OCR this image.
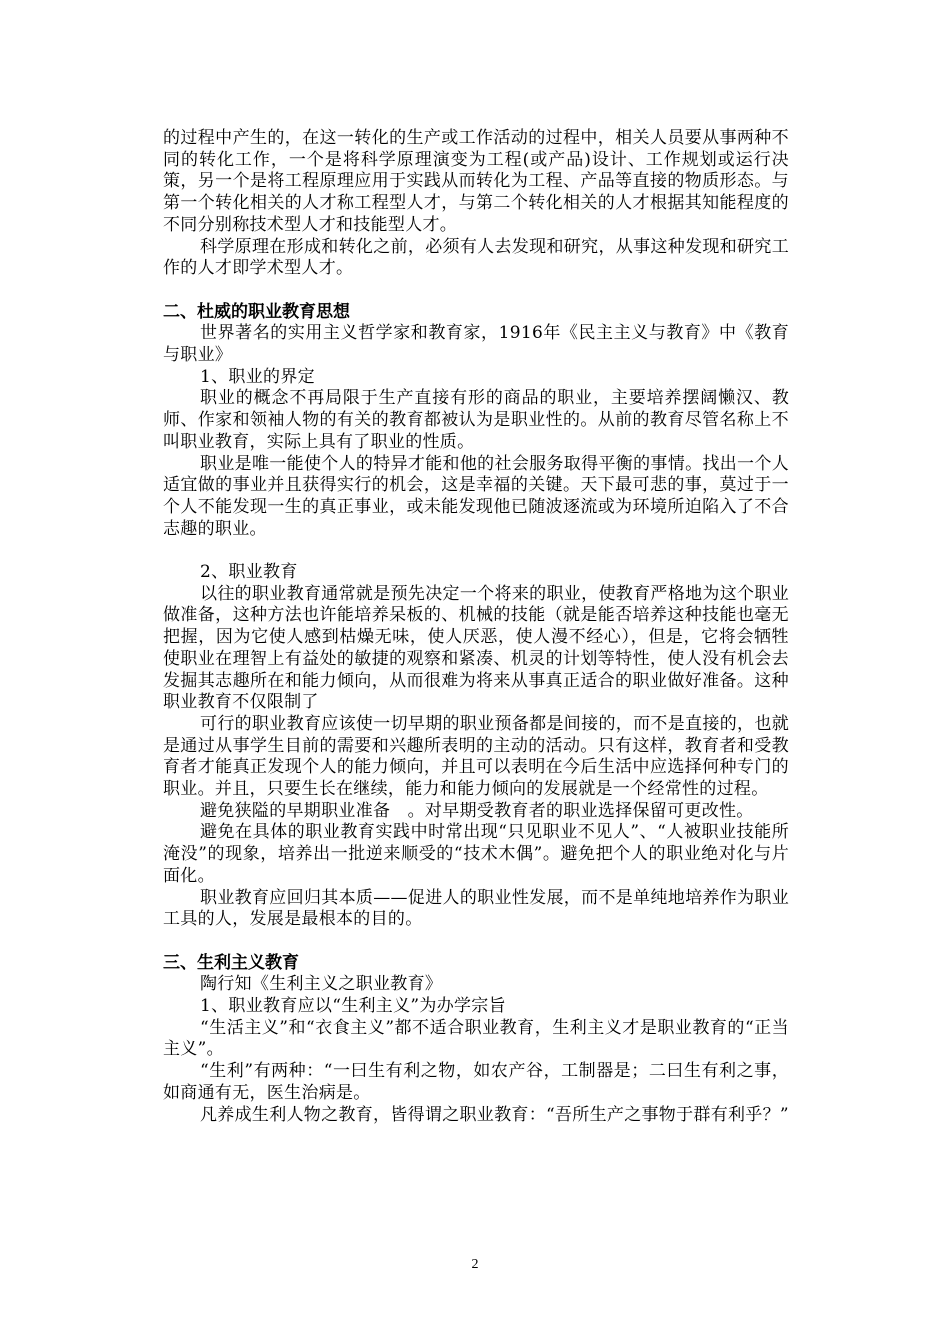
的过程中产生的，在这一转化的生产或工作活动的过程中，相关人员要从事两种不同的转化工作，一个是将科学原理演变为工程(或产品)设计、工作规划或运行决策，另一个是将工程原理应用于实践从而转化为工程、产品等直接的物质形态。与第一个转化相关的人才称工程型人才，与第二个转化相关的人才根据其知能程度的不同分别称技术型人才和技能型人才。

科学原理在形成和转化之前，必须有人去发现和研究，从事这种发现和研究工作的人才即学术型人才。

二、杜威的职业教育思想

世界著名的实用主义哲学家和教育家，1916年《民主主义与教育》中《教育与职业》

1、职业的界定

职业的概念不再局限于生产直接有形的商品的职业，主要培养摆阔懒汉、教师、作家和领袖人物的有关的教育都被认为是职业性的。从前的教育尽管名称上不叫职业教育，实际上具有了职业的性质。

职业是唯一能使个人的特异才能和他的社会服务取得平衡的事情。找出一个人适宜做的事业并且获得实行的机会，这是幸福的关键。天下最可悲的事，莫过于一个人不能发现一生的真正事业，或未能发现他已随波逐流或为环境所迫陷入了不合志趣的职业。

2、职业教育

以往的职业教育通常就是预先决定一个将来的职业，使教育严格地为这个职业做准备，这种方法也许能培养呆板的、机械的技能（就是能否培养这种技能也毫无把握，因为它使人感到枯燥无味，使人厌恶，使人漫不经心），但是，它将会牺牲使职业在理智上有益处的敏捷的观察和紧凑、机灵的计划等特性，使人没有机会去发掘其志趣所在和能力倾向，从而很难为将来从事真正适合的职业做好准备。这种职业教育不仅限制了

可行的职业教育应该使一切早期的职业预备都是间接的，而不是直接的，也就是通过从事学生目前的需要和兴趣所表明的主动的活动。只有这样，教育者和受教育者才能真正发现个人的能力倾向，并且可以表明在今后生活中应选择何种专门的职业。并且，只要生长在继续，能力和能力倾向的发展就是一个经常性的过程。

避免狭隘的早期职业准备　。对早期受教育者的职业选择保留可更改性。

避免在具体的职业教育实践中时常出现“只见职业不见人”、“人被职业技能所淹没”的现象，培养出一批逆来顺受的“技术木偶”。避免把个人的职业绝对化与片面化。

职业教育应回归其本质——促进人的职业性发展，而不是单纯地培养作为职业工具的人，发展是最根本的目的。

三、生利主义教育

陶行知《生利主义之职业教育》

1、职业教育应以“生利主义”为办学宗旨

“生活主义”和“衣食主义”都不适合职业教育，生利主义才是职业教育的“正当主义”。

“生利”有两种：“一曰生有利之物，如农产谷，工制器是；二曰生有利之事，如商通有无，医生治病是。

凡养成生利人物之教育，皆得谓之职业教育：“吾所生产之事物于群有利乎？”

2
